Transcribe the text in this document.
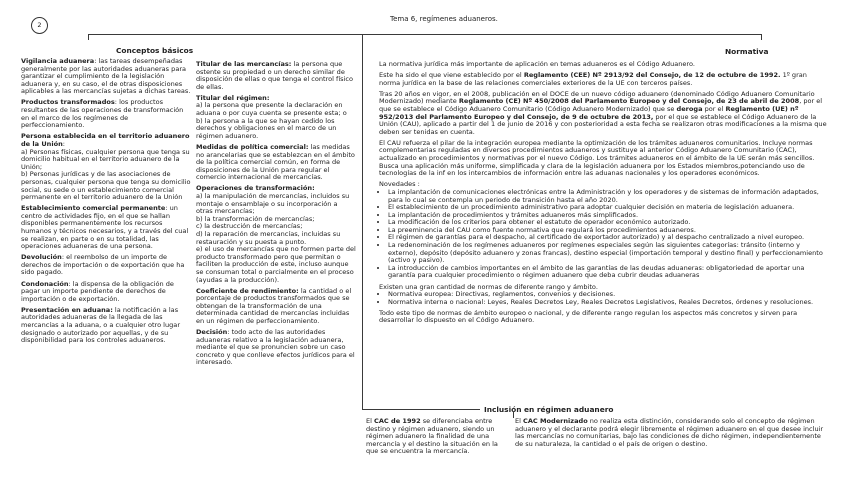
2
Tema 6, regímenes aduaneros.
Conceptos básicos	Normativa
Inclusión en régimen aduanero

Vigilancia aduanera: las tareas desempeñadas generalmente por las autoridades aduaneras para garantizar el cumplimiento de la legislación aduanera y, en su caso, el de otras disposiciones aplicables a las mercancías sujetas a dichas tareas.

Productos transformados: los productos resultantes de las operaciones de transformación en el marco de los regímenes de perfeccionamiento.

Persona establecida en el territorio aduanero de la Unión:
a) Personas físicas, cualquier persona que tenga su domicilio habitual en el territorio aduanero de la Unión;
b) Personas jurídicas y de las asociaciones de personas, cualquier persona que tenga su domicilio social, su sede o un establecimiento comercial permanente en el territorio aduanero de la Unión

Establecimiento comercial permanente: un centro de actividades fijo, en el que se hallan disponibles permanentemente los recursos humanos y técnicos necesarios, y a través del cual se realizan, en parte o en su totalidad, las operaciones aduaneras de una persona.

Devolución: el reembolso de un importe de derechos de importación o de exportación que ha sido pagado.

Condonación: la dispensa de la obligación de pagar un importe pendiente de derechos de importación o de exportación.

Presentación en aduana: la notificación a las autoridades aduaneras de la llegada de las mercancías a la aduana, o a cualquier otro lugar designado o autorizado por aquellas, y de su disponibilidad para los controles aduaneros.

Titular de las mercancías: la persona que ostente su propiedad o un derecho similar de disposición de ellas o que tenga el control físico de ellas.

Titular del régimen:
a) la persona que presente la declaración en aduana o por cuya cuenta se presente esta; o
b) la persona a la que se hayan cedido los derechos y obligaciones en el marco de un régimen aduanero.

Medidas de política comercial: las medidas no arancelarias que se establezcan en el ámbito de la política comercial común, en forma de disposiciones de la Unión para regular el comercio internacional de mercancías.

Operaciones de transformación:
a) la manipulación de mercancías, incluidos su montaje o ensamblaje o su incorporación a otras mercancías;
b) la transformación de mercancías;
c) la destrucción de mercancías;
d) la reparación de mercancías, incluidas su restauración y su puesta a punto.
e) el uso de mercancías que no formen parte del producto transformado pero que permitan o faciliten la producción de este, incluso aunque se consuman total o parcialmente en el proceso (ayudas a la producción).

Coeficiente de rendimiento: la cantidad o el porcentaje de productos transformados que se obtengan de la transformación de una determinada cantidad de mercancías incluidas en un régimen de perfeccionamiento.

Decisión: todo acto de las autoridades aduaneras relativo a la legislación aduanera, mediante el que se pronuncien sobre un caso concreto y que conlleve efectos jurídicos para el interesado.

La normativa jurídica más importante de aplicación en temas aduaneros es el Código Aduanero.

Este ha sido el que viene establecido por el Reglamento (CEE) Nº 2913/92 del Consejo, de 12 de octubre de 1992. 1º gran norma jurídica en la base de las relaciones comerciales exteriores de la UE con terceros países.

Tras 20 años en vigor, en el 2008, publicación en el DOCE de un nuevo código aduanero (denominado Código Aduanero Comunitario Modernizado) mediante Reglamento (CE) Nº 450/2008 del Parlamento Europeo y del Consejo, de 23 de abril de 2008, por el que se establece el Código Aduanero Comunitario (Código Aduanero Modernizado) que se deroga por el Reglamento (UE) nº 952/2013 del Parlamento Europeo y del Consejo, de 9 de octubre de 2013, por el que se establece el Código Aduanero de la Unión (CAU), aplicado a partir del 1 de junio de 2016 y con posterioridad a esta fecha se realizaron otras modificaciones a la misma que deben ser tenidas en cuenta.

El CAU refuerza el pilar de la integración europea mediante la optimización de los trámites aduaneros comunitarios. Incluye normas complementarias reguladas en diversos procedimientos aduaneros y sustituye al anterior Código Aduanero Comunitario (CAC), actualizado en procedimientos y normativas por el nuevo Código. Los trámites aduaneros en el ámbito de la UE serán más sencillos. Busca una aplicación más uniforme, simplificada y clara de la legislación aduanera por los Estados miembros,potenciando uso de tecnologías de la inf en los intercambios de información entre las aduanas nacionales y los operadores económicos.

Novedades :
• La implantación de comunicaciones electrónicas entre la Administración y los operadores y de sistemas de información adaptados, para lo cual se contempla un periodo de transición hasta el año 2020.
• El establecimiento de un procedimiento administrativo para adoptar cualquier decisión en materia de legislación aduanera.
• La implantación de procedimientos y trámites aduaneros más simplificados.
• La modificación de los criterios para obtener el estatuto de operador económico autorizado.
• La preeminencia del CAU como fuente normativa que regulará los procedimientos aduaneros.
• El régimen de garantías para el despacho, al certificado de exportador autorizado) y al despacho centralizado a nivel europeo.
• La redenominación de los regímenes aduaneros por regímenes especiales según las siguientes categorías: tránsito (interno y externo), depósito (depósito aduanero y zonas francas), destino especial (importación temporal y destino final) y perfeccionamiento (activo y pasivo).
• La introducción de cambios importantes en el ámbito de las garantías de las deudas aduaneras: obligatoriedad de aportar una garantía para cualquier procedimiento o régimen aduanero que deba cubrir deudas aduaneras
Existen una gran cantidad de normas de diferente rango y ámbito.
• Normativa europea: Directivas, reglamentos, convenios y decisiones.
• Normativa interna o nacional: Leyes, Reales Decretos Ley, Reales Decretos Legislativos, Reales Decretos, órdenes y resoluciones.

Todo este tipo de normas de ámbito europeo o nacional, y de diferente rango regulan los aspectos más concretos y sirven para desarrollar lo dispuesto en el Código Aduanero.

El CAC de 1992 se diferenciaba entre destino y régimen aduanero, siendo un régimen aduanero la finalidad de una mercancía y el destino la situación en la que se encuentra la mercancía.
El CAC Modernizado no realiza esta distinción, considerando solo el concepto de régimen aduanero y el declarante podrá elegir libremente el régimen aduanero en el que desee incluir las mercancías no comunitarias, bajo las condiciones de dicho régimen, independientemente de su naturaleza, la cantidad o el país de origen o destino.
